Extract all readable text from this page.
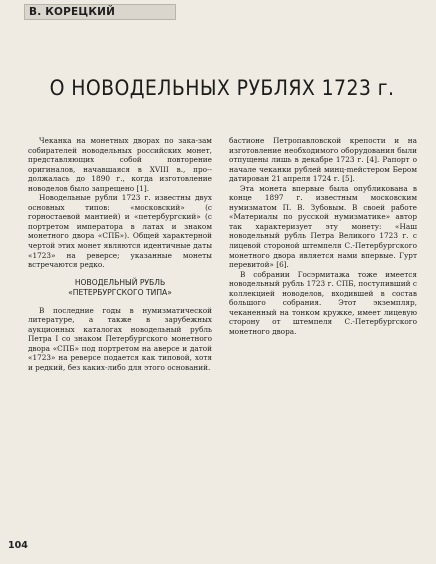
В. КОРЕЦКИЙ
О НОВОДЕЛЬНЫХ РУБЛЯХ 1723 г.

Чеканка на монетных дворах по зака-зам собирателей новодельных российских монет, представляющих собой повторение оригиналов, начавшаяся в XVIII в., про-должалась до 1890 г., когда изготовление новоделов было запрещено [1].

Новодельные рубли 1723 г. известны двух основных типов: «московский» (с горностаевой мантией) и «петербургский» (с портретом императора в латах и знаком монетного двора «СПБ»). Общей характерной чертой этих монет являются идентичные даты «1723» на реверсе; указанные монеты встречаются редко.

НОВОДЕЛЬНЫЙ РУБЛЬ
«ПЕТЕРБУРГСКОГО ТИПА»

В последние годы в нумизматической литературе, а также в зарубежных аукционных каталогах новодельный рубль Петра I со знаком Петербургского монетного двора «СПБ» под портретом на аверсе и датой «1723» на реверсе подается как типовой, хотя и редкий, без каких-либо для этого оснований.

бастионе Петропавловской крепости и на изготовление необходимого оборудования были отпущены лишь в декабре 1723 г. [4]. Рапорт о начале чеканки рублей минц-meйстером Бером датирован 21 апреля 1724 г. [5].

Эта монета впервые была опубликована в конце 1897 г. известным московским нумизматом П. В. Зубовым. В своей работе «Материалы по русской нумизматике» автор так характеризует эту монету: «Наш новодельный рубль Петра Великого 1723 г. с лицевой стороной штемпеля С.-Петербургского монетного двора является нами впервые. Гурт перевитой» [6].

В собрании Госэрмитажа тоже имеется новодельный рубль 1723 г. СПБ, поступивший с коллекцией новоделов, входившей в состав большого собрания. Этот экземпляр, чеканенный на тонком кружке, имеет лицевую сторону от штемпеля С.-Петербургского монетного двора.

104
